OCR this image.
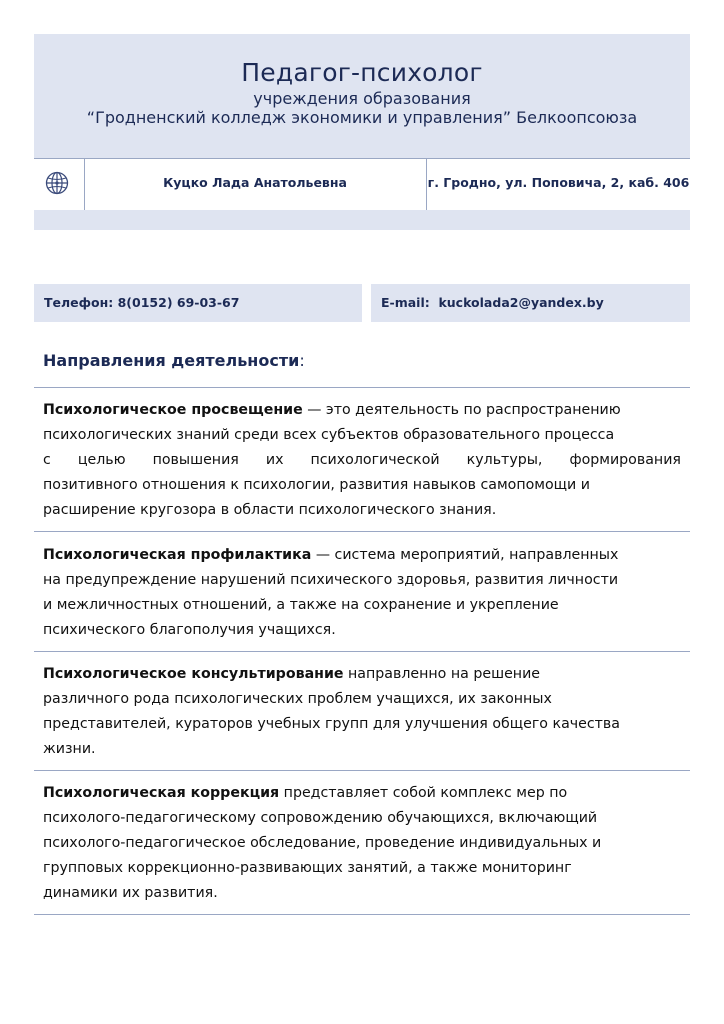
Педагог-психолог
учреждения образования
“Гродненский колледж экономики и управления” Белкоопсоюза
Куцко Лада Анатольевна	г. Гродно, ул. Поповича, 2, каб. 406
Телефон: 8(0152) 69-03-67	E-mail:  kuckolada2@yandex.by
Направления деятельности:
Психологическое просвещение — это деятельность по распространению
психологических знаний среди всех субъектов образовательного процесса
с целью повышения их психологической культуры, формирования
позитивного отношения к психологии, развития навыков самопомощи и
расширение кругозора в области психологического знания.
Психологическая профилактика — система мероприятий, направленных
на предупреждение нарушений психического здоровья, развития личности
и межличностных отношений, а также на сохранение и укрепление
психического благополучия учащихся.
Психологическое консультирование направленно на решение
различного рода психологических проблем учащихся, их законных
представителей, кураторов учебных групп для улучшения общего качества
жизни.
Психологическая коррекция представляет собой комплекс мер по
психолого-педагогическому сопровождению обучающихся, включающий
психолого-педагогическое обследование, проведение индивидуальных и
групповых коррекционно-развивающих занятий, а также мониторинг
динамики их развития.
